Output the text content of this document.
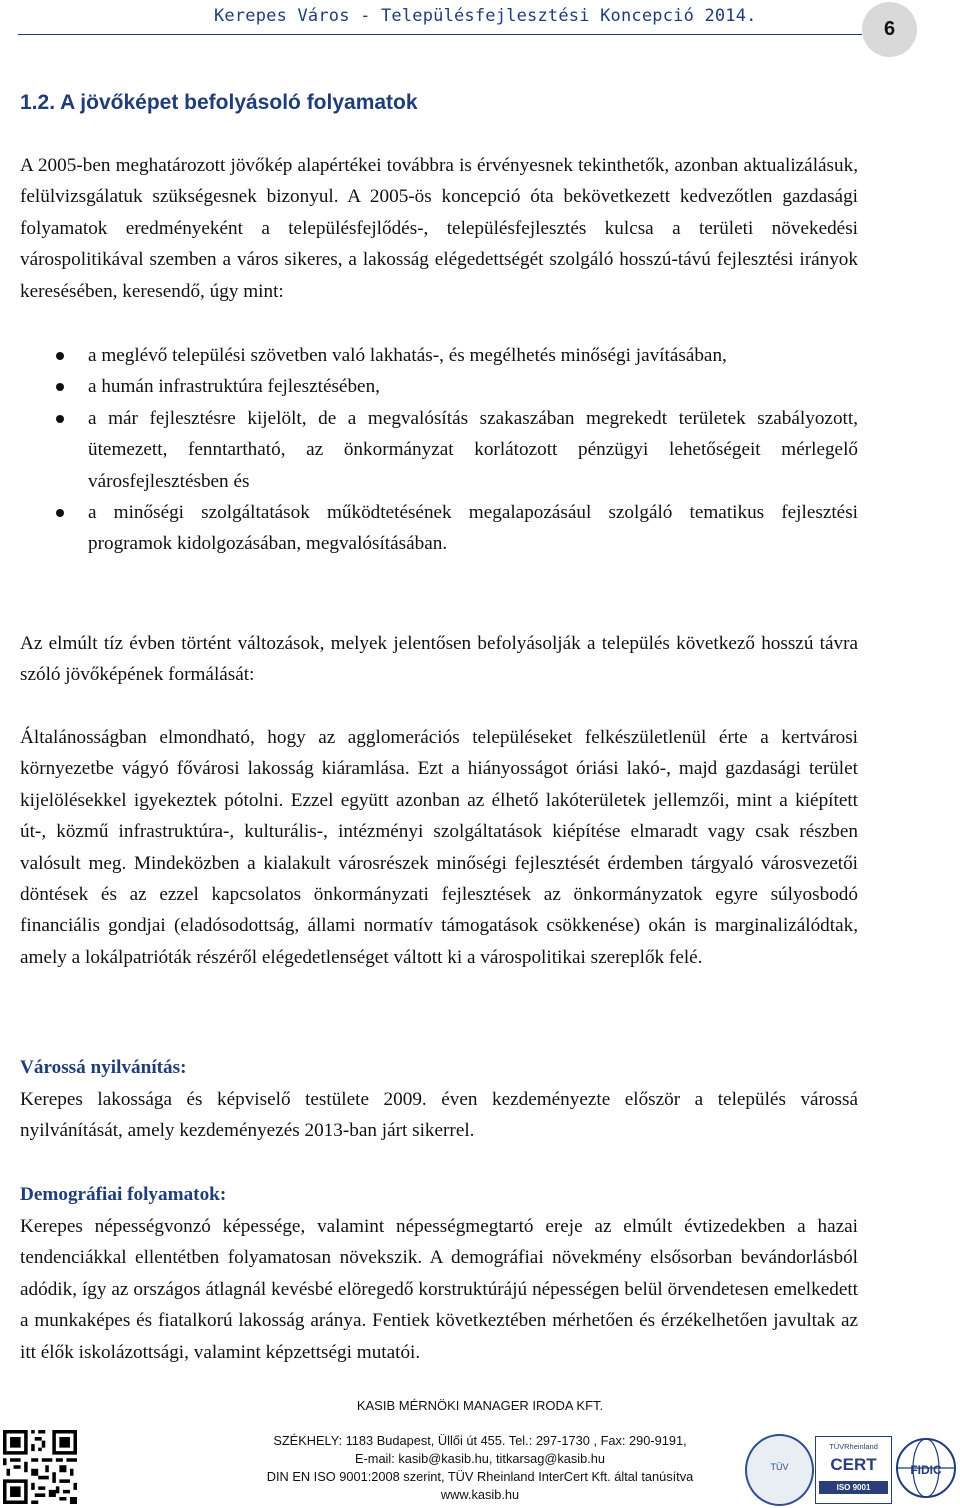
Kerepes Város - Településfejlesztési Koncepció 2014.
6
1.2. A jövőképet befolyásoló folyamatok

A 2005-ben meghatározott jövőkép alapértékei továbbra is érvényesnek tekinthetők, azonban aktualizálásuk, felülvizsgálatuk szükségesnek bizonyul. A 2005-ös koncepció óta bekövetkezett kedvezőtlen gazdasági folyamatok eredményeként a településfejlődés-, településfejlesztés kulcsa a területi növekedési várospolitikával szemben a város sikeres, a lakosság elégedettségét szolgáló hosszú-távú fejlesztési irányok keresésében, keresendő, úgy mint:

a meglévő települési szövetben való lakhatás-, és megélhetés minőségi javításában,
a humán infrastruktúra fejlesztésében,
a már fejlesztésre kijelölt, de a megvalósítás szakaszában megrekedt területek szabályozott, ütemezett, fenntartható, az önkormányzat korlátozott pénzügyi lehetőségeit mérlegelő városfejlesztésben és
a minőségi szolgáltatások működtetésének megalapozásául szolgáló tematikus fejlesztési programok kidolgozásában, megvalósításában.

Az elmúlt tíz évben történt változások, melyek jelentősen befolyásolják a település következő hosszú távra szóló jövőképének formálását:

Általánosságban elmondható, hogy az agglomerációs településeket felkészületlenül érte a kertvárosi környezetbe vágyó fővárosi lakosság kiáramlása. Ezt a hiányosságot óriási lakó-, majd gazdasági terület kijelölésekkel igyekeztek pótolni. Ezzel együtt azonban az élhető lakóterületek jellemzői, mint a kiépített út-, közmű infrastruktúra-, kulturális-, intézményi szolgáltatások kiépítése elmaradt vagy csak részben valósult meg. Mindeközben a kialakult városrészek minőségi fejlesztését érdemben tárgyaló városvezetői döntések és az ezzel kapcsolatos önkormányzati fejlesztések az önkormányzatok egyre súlyosbodó financiális gondjai (eladósodottság, állami normatív támogatások csökkenése) okán is marginalizálódtak, amely a lokálpatrióták részéről elégedetlenséget váltott ki a várospolitikai szereplők felé.

Várossá nyilvánítás:

Kerepes lakossága és képviselő testülete 2009. éven kezdeményezte először a település várossá nyilvánítását, amely kezdeményezés 2013-ban járt sikerrel.

Demográfiai folyamatok:

Kerepes népességvonzó képessége, valamint népességmegtartó ereje az elmúlt évtizedekben a hazai tendenciákkal ellentétben folyamatosan növekszik. A demográfiai növekmény elsősorban bevándorlásból adódik, így az országos átlagnál kevésbé elöregedő korstruktúrájú népességen belül örvendetesen emelkedett a munkaképes és fiatalkorú lakosság aránya. Fentiek következtében mérhetően és érzékelhetően javultak az itt élők iskolázottsági, valamint képzettségi mutatói.

KASIB MÉRNÖKI MANAGER IRODA KFT.
SZÉKHELY: 1183 Budapest, Üllői út 455. Tel.: 297-1730 , Fax: 290-9191,
E-mail: kasib@kasib.hu, titkarsag@kasib.hu
DIN EN ISO 9001:2008 szerint, TÜV Rheinland InterCert Kft. által tanúsítva
www.kasib.hu
TÜV
TÜVRheinland
CERT
ISO 9001
FIDIC
